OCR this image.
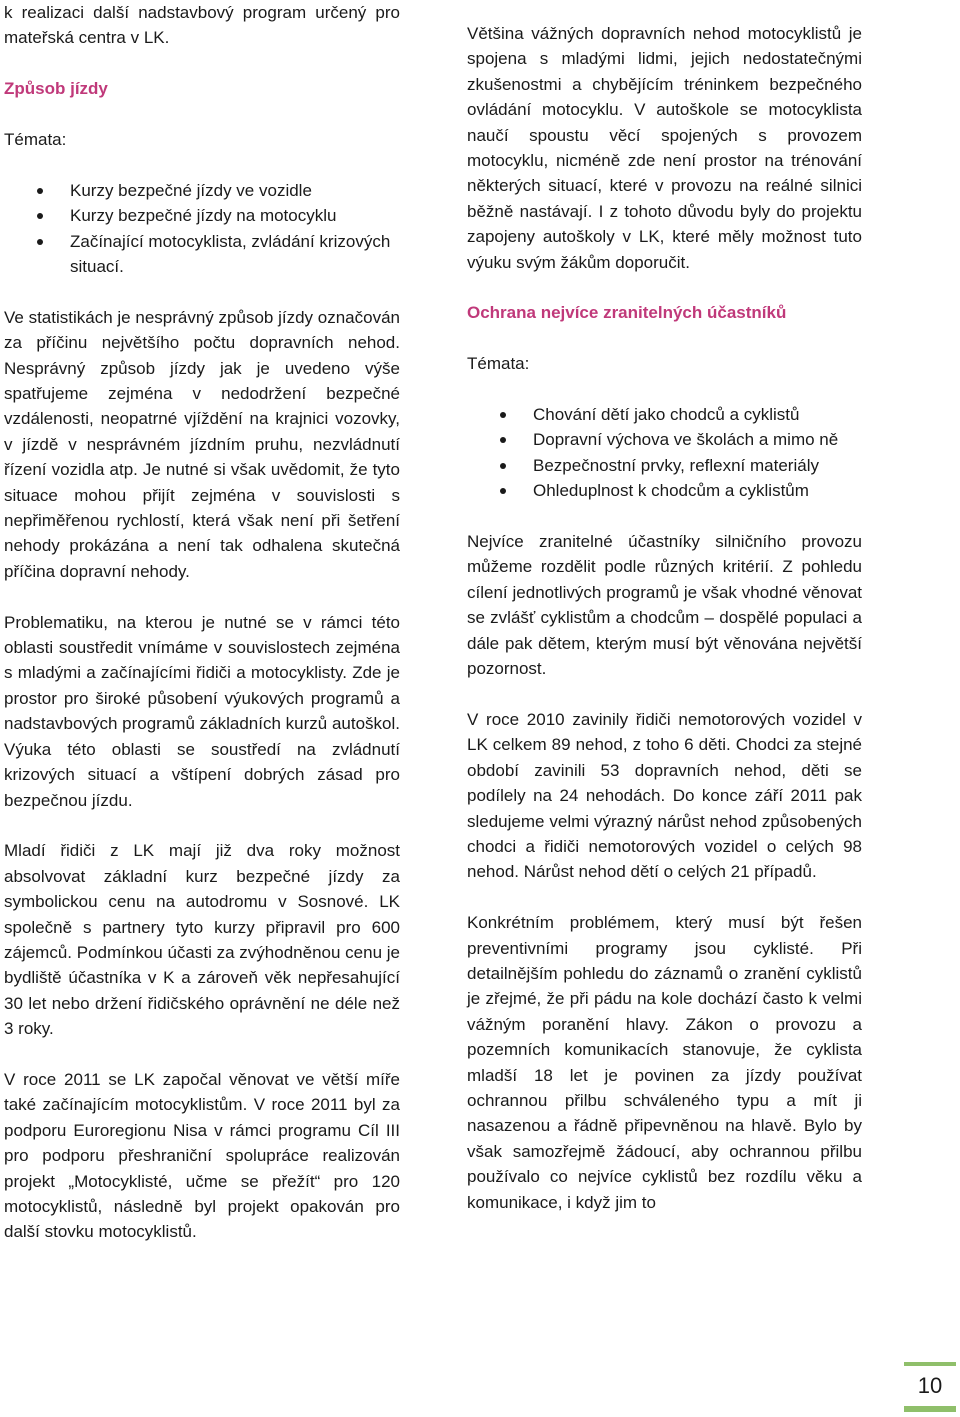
k realizaci další nadstavbový program určený pro mateřská centra v LK.

Způsob jízdy
Témata:
Kurzy bezpečné jízdy ve vozidle
Kurzy bezpečné jízdy na motocyklu
Začínající motocyklista, zvládání krizových situací.

Ve statistikách je nesprávný způsob jízdy označován za příčinu největšího počtu dopravních nehod. Nesprávný způsob jízdy jak je uvedeno výše spatřujeme zejména v nedodržení bezpečné vzdálenosti, neopatrné vjíždění na krajnici vozovky, v jízdě v nesprávném jízdním pruhu, nezvládnutí řízení vozidla atp. Je nutné si však uvědomit, že tyto situace mohou přijít zejména v souvislosti s nepřiměřenou rychlostí, která však není při šetření nehody prokázána a není tak odhalena skutečná příčina dopravní nehody.

Problematiku, na kterou je nutné se v rámci této oblasti soustředit vnímáme v souvislostech zejména s mladými a začínajícími řidiči a motocyklisty. Zde je prostor pro široké působení výukových programů a nadstavbových programů základních kurzů autoškol. Výuka této oblasti se soustředí na zvládnutí krizových situací a vštípení dobrých zásad pro bezpečnou jízdu.

Mladí řidiči z LK mají již dva roky možnost absolvovat základní kurz bezpečné jízdy za symbolickou cenu na autodromu v Sosnové. LK společně s partnery tyto kurzy připravil pro 600 zájemců. Podmínkou účasti za zvýhodněnou cenu je bydliště účastníka v K a zároveň věk nepřesahující 30 let nebo držení řidičského oprávnění ne déle než 3 roky.

V roce 2011 se LK započal věnovat ve větší míře také začínajícím motocyklistům. V roce 2011 byl za podporu Euroregionu Nisa v rámci programu Cíl III pro podporu přeshraniční spolupráce realizován projekt „Motocyklisté, učme se přežít“ pro 120 motocyklistů, následně byl projekt opakován pro další stovku motocyklistů.

Většina vážných dopravních nehod motocyklistů je spojena s mladými lidmi, jejich nedostatečnými zkušenostmi a chybějícím tréninkem bezpečného ovládání motocyklu. V autoškole se motocyklista naučí spoustu věcí spojených s provozem motocyklu, nicméně zde není prostor na trénování některých situací, které v provozu na reálné silnici běžně nastávají. I z tohoto důvodu byly do projektu zapojeny autoškoly v LK, které měly možnost tuto výuku svým žákům doporučit.

Ochrana nejvíce zranitelných účastníků
Témata:
Chování dětí jako chodců a cyklistů
Dopravní výchova ve školách a mimo ně
Bezpečnostní prvky, reflexní materiály
Ohleduplnost k chodcům a cyklistům

Nejvíce zranitelné účastníky silničního provozu můžeme rozdělit podle různých kritérií. Z pohledu cílení jednotlivých programů je však vhodné věnovat se zvlášť cyklistům a chodcům – dospělé populaci a dále pak dětem, kterým musí být věnována největší pozornost.

V roce 2010 zavinily řidiči nemotorových vozidel v LK celkem 89 nehod, z toho 6 děti. Chodci za stejné období zavinili 53 dopravních nehod, děti se podílely na 24 nehodách. Do konce září 2011 pak sledujeme velmi výrazný nárůst nehod způsobených chodci a řidiči nemotorových vozidel o celých 98 nehod. Nárůst nehod dětí o celých 21 případů.

Konkrétním problémem, který musí být řešen preventivními programy jsou cyklisté. Při detailnějším pohledu do záznamů o zranění cyklistů je zřejmé, že při pádu na kole dochází často k velmi vážným poranění hlavy. Zákon o provozu a pozemních komunikacích stanovuje, že cyklista mladší 18 let je povinen za jízdy používat ochrannou přilbu schváleného typu a mít ji nasazenou a řádně připevněnou na hlavě. Bylo by však samozřejmě žádoucí, aby ochrannou přilbu používalo co nejvíce cyklistů bez rozdílu věku a komunikace, i když jim to

10
